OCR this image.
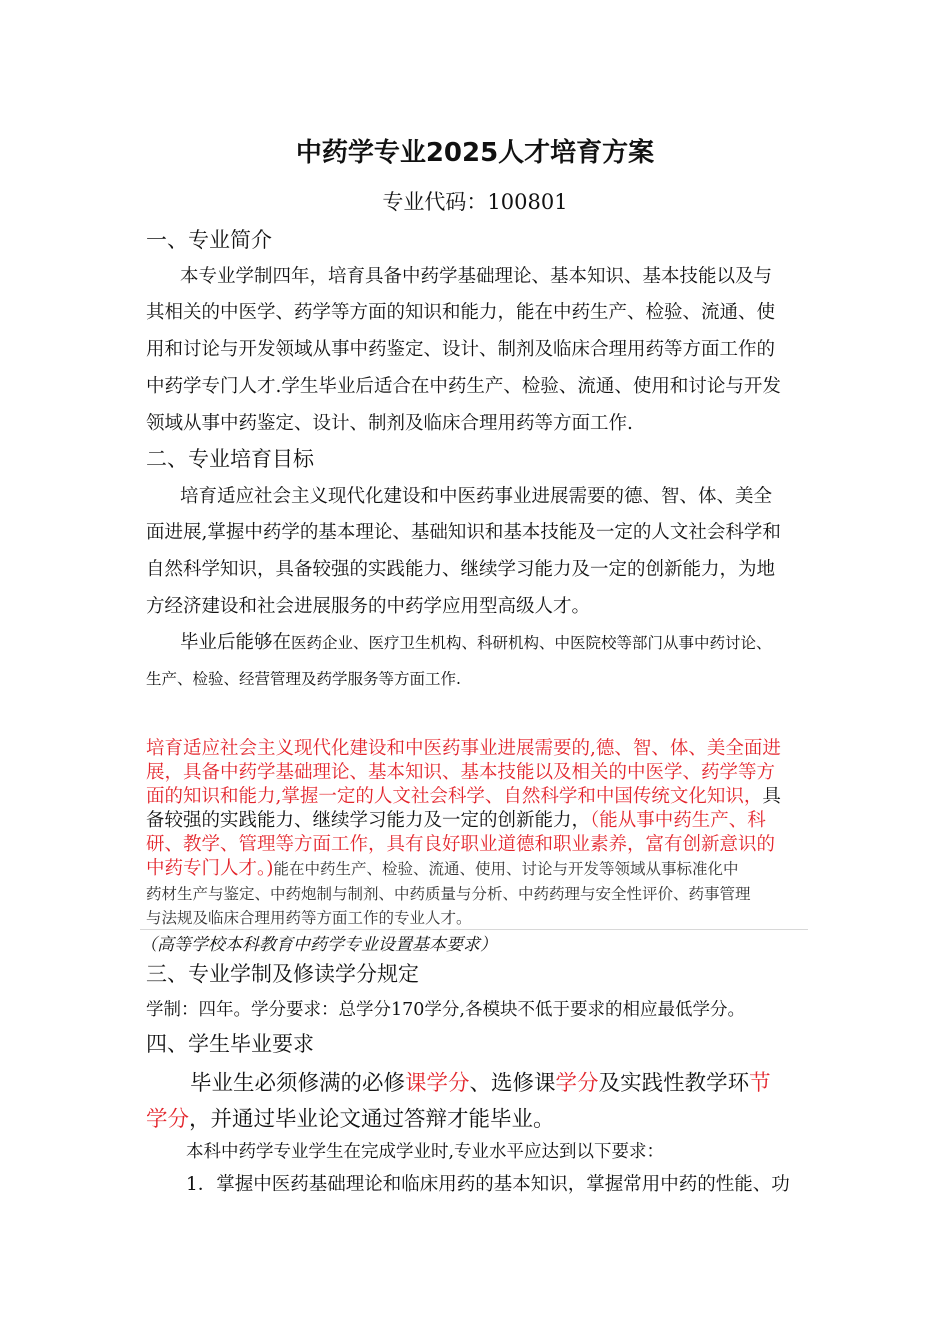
中药学专业2025人才培育方案
专业代码：100801
一、专业简介
本专业学制四年，培育具备中药学基础理论、基本知识、基本技能以及与
其相关的中医学、药学等方面的知识和能力，能在中药生产、检验、流通、使
用和讨论与开发领域从事中药鉴定、设计、制剂及临床合理用药等方面工作的
中药学专门人才.学生毕业后适合在中药生产、检验、流通、使用和讨论与开发
领域从事中药鉴定、设计、制剂及临床合理用药等方面工作.
二、专业培育目标
培育适应社会主义现代化建设和中医药事业进展需要的德、智、体、美全
面进展,掌握中药学的基本理论、基础知识和基本技能及一定的人文社会科学和
自然科学知识，具备较强的实践能力、继续学习能力及一定的创新能力，为地
方经济建设和社会进展服务的中药学应用型高级人才。
毕业后能够在医药企业、医疗卫生机构、科研机构、中医院校等部门从事中药讨论、
生产、检验、经营管理及药学服务等方面工作.
培育适应社会主义现代化建设和中医药事业进展需要的,德、智、体、美全面进
展，具备中药学基础理论、基本知识、基本技能以及相关的中医学、药学等方
面的知识和能力,掌握一定的人文社会科学、自然科学和中国传统文化知识，具
备较强的实践能力、继续学习能力及一定的创新能力，（能从事中药生产、科
研、教学、管理等方面工作，具有良好职业道德和职业素养，富有创新意识的
中药专门人才。)能在中药生产、检验、流通、使用、讨论与开发等领域从事标准化中
药材生产与鉴定、中药炮制与制剂、中药质量与分析、中药药理与安全性评价、药事管理
与法规及临床合理用药等方面工作的专业人才。
（高等学校本科教育中药学专业设置基本要求）
三、专业学制及修读学分规定
学制：四年。学分要求：总学分170学分,各模块不低于要求的相应最低学分。
四、学生毕业要求
毕业生必须修满的必修课学分、选修课学分及实践性教学环节
学分，并通过毕业论文通过答辩才能毕业。
本科中药学专业学生在完成学业时,专业水平应达到以下要求：
1．掌握中医药基础理论和临床用药的基本知识，掌握常用中药的性能、功
